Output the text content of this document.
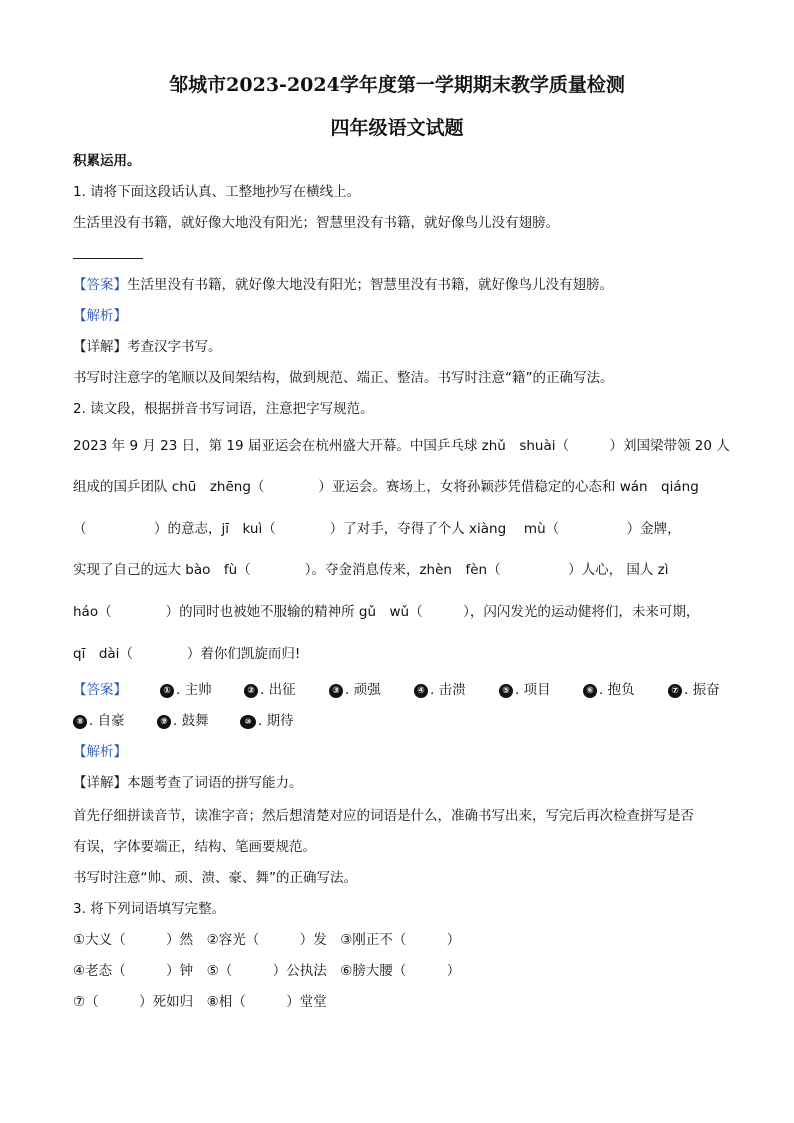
邹城市2023-2024学年度第一学期期末教学质量检测
四年级语文试题
积累运用。
1. 请将下面这段话认真、工整地抄写在横线上。
生活里没有书籍，就好像大地没有阳光；智慧里没有书籍，就好像鸟儿没有翅膀。
【答案】生活里没有书籍，就好像大地没有阳光；智慧里没有书籍，就好像鸟儿没有翅膀。
【解析】
【详解】考查汉字书写。
书写时注意字的笔顺以及间架结构，做到规范、端正、整洁。书写时注意“籍”的正确写法。
2. 读文段，根据拼音书写词语，注意把字写规范。
2023 年 9 月 23 日，第 19 届亚运会在杭州盛大开幕。中国乒乓球 zhǔ　shuài（　　　）刘国梁带领 20 人
组成的国乒团队 chū　zhēng（　　　　）亚运会。赛场上，女将孙颖莎凭借稳定的心态和 wán　qiáng
（　　　　　）的意志，jī　kuì（　　　　）了对手，夺得了个人 xiàng　 mù（　　　　　）金牌，
实现了自己的远大 bào　fù（　　　　）。夺金消息传来，zhèn　fèn（　　　　　）人心， 国人 zì
háo（　　　　）的同时也被她不服输的精神所 gǔ　wǔ（　　　），闪闪发光的运动健将们，未来可期，
qī　dài（　　　　）着你们凯旋而归!
【答案】	① . 主帅	② . 出征	③ . 顽强	④ . 击溃	⑤ . 项目	⑥ . 抱负	⑦ . 振奋
⑧ . 自豪	⑨ . 鼓舞	⑩ . 期待
【解析】
【详解】本题考查了词语的拼写能力。
首先仔细拼读音节，读准字音；然后想清楚对应的词语是什么，准确书写出来，写完后再次检查拼写是否
有误，字体要端正，结构、笔画要规范。
书写时注意“帅、顽、溃、豪、舞”的正确写法。
3. 将下列词语填写完整。
①大义（　　　）然　②容光（　　　）发　③刚正不（　　　）
④老态（　　　）钟　⑤（　　　）公执法　⑥膀大腰（　　　）
⑦（　　　）死如归　⑧相（　　　）堂堂
